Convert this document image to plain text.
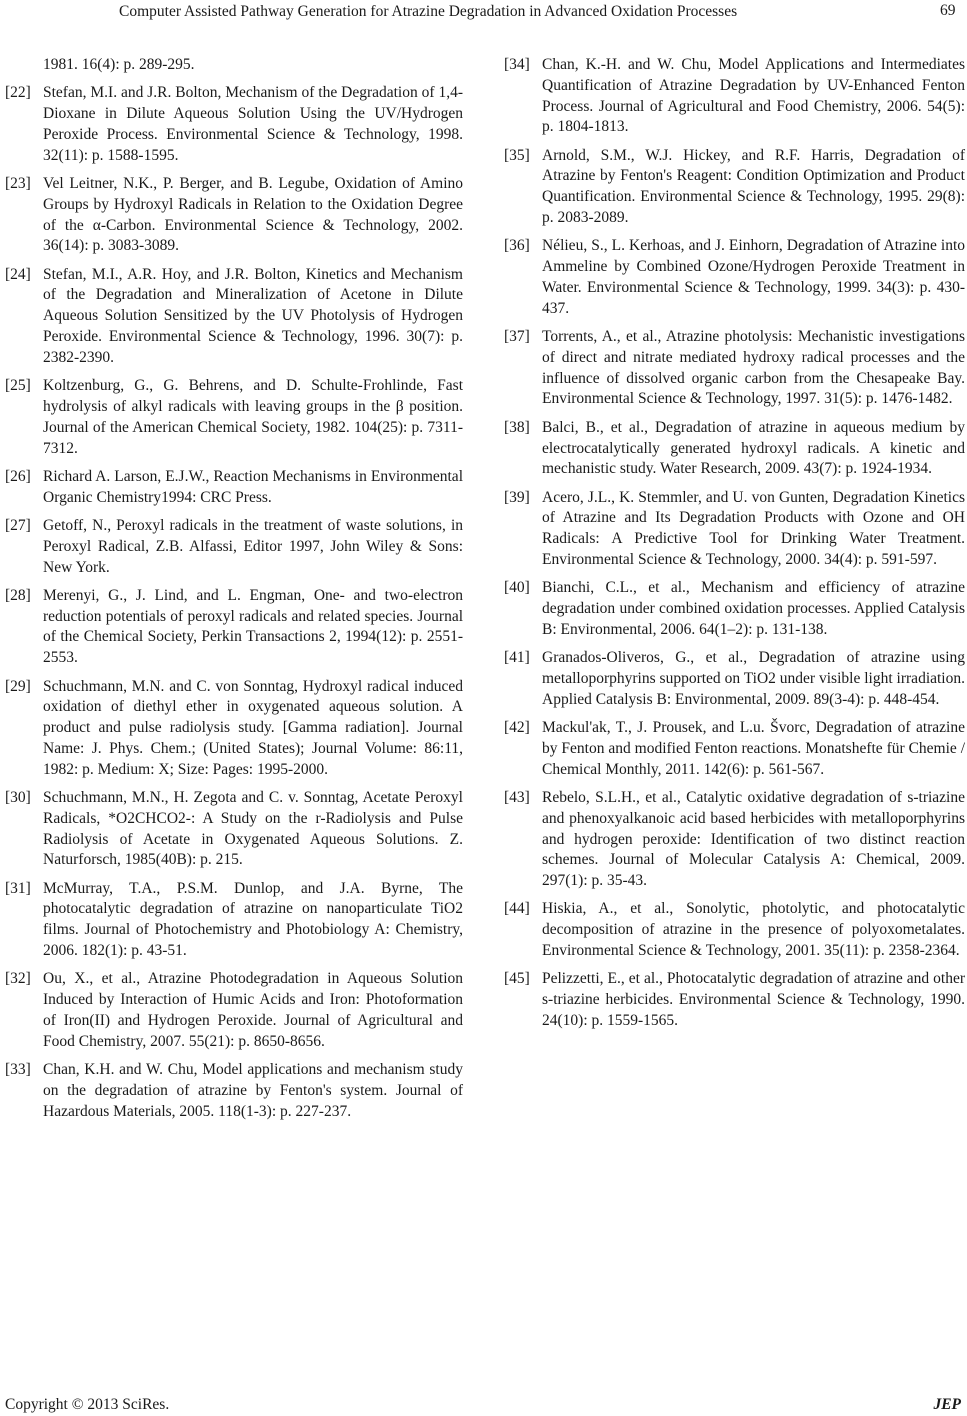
Computer Assisted Pathway Generation for Atrazine Degradation in Advanced Oxidation Processes	69
1981. 16(4): p. 289-295.
[22] Stefan, M.I. and J.R. Bolton, Mechanism of the Degradation of 1,4-Dioxane in Dilute Aqueous Solution Using the UV/Hydrogen Peroxide Process. Environmental Science & Technology, 1998. 32(11): p. 1588-1595.
[23] Vel Leitner, N.K., P. Berger, and B. Legube, Oxidation of Amino Groups by Hydroxyl Radicals in Relation to the Oxidation Degree of the α-Carbon. Environmental Science & Technology, 2002. 36(14): p. 3083-3089.
[24] Stefan, M.I., A.R. Hoy, and J.R. Bolton, Kinetics and Mechanism of the Degradation and Mineralization of Acetone in Dilute Aqueous Solution Sensitized by the UV Photolysis of Hydrogen Peroxide. Environmental Science & Technology, 1996. 30(7): p. 2382-2390.
[25] Koltzenburg, G., G. Behrens, and D. Schulte-Frohlinde, Fast hydrolysis of alkyl radicals with leaving groups in the β position. Journal of the American Chemical Society, 1982. 104(25): p. 7311-7312.
[26] Richard A. Larson, E.J.W., Reaction Mechanisms in Environmental Organic Chemistry1994: CRC Press.
[27] Getoff, N., Peroxyl radicals in the treatment of waste solutions, in Peroxyl Radical, Z.B. Alfassi, Editor 1997, John Wiley & Sons: New York.
[28] Merenyi, G., J. Lind, and L. Engman, One- and two-electron reduction potentials of peroxyl radicals and related species. Journal of the Chemical Society, Perkin Transactions 2, 1994(12): p. 2551-2553.
[29] Schuchmann, M.N. and C. von Sonntag, Hydroxyl radical induced oxidation of diethyl ether in oxygenated aqueous solution. A product and pulse radiolysis study. [Gamma radiation]. Journal Name: J. Phys. Chem.; (United States); Journal Volume: 86:11, 1982: p. Medium: X; Size: Pages: 1995-2000.
[30] Schuchmann, M.N., H. Zegota and C. v. Sonntag, Acetate Peroxyl Radicals, *O2CHCO2-: A Study on the r-Radiolysis and Pulse Radiolysis of Acetate in Oxygenated Aqueous Solutions. Z. Naturforsch, 1985(40B): p. 215.
[31] McMurray, T.A., P.S.M. Dunlop, and J.A. Byrne, The photocatalytic degradation of atrazine on nanoparticulate TiO2 films. Journal of Photochemistry and Photobiology A: Chemistry, 2006. 182(1): p. 43-51.
[32] Ou, X., et al., Atrazine Photodegradation in Aqueous Solution Induced by Interaction of Humic Acids and Iron: Photoformation of Iron(II) and Hydrogen Peroxide. Journal of Agricultural and Food Chemistry, 2007. 55(21): p. 8650-8656.
[33] Chan, K.H. and W. Chu, Model applications and mechanism study on the degradation of atrazine by Fenton's system. Journal of Hazardous Materials, 2005. 118(1-3): p. 227-237.
[34] Chan, K.-H. and W. Chu, Model Applications and Intermediates Quantification of Atrazine Degradation by UV-Enhanced Fenton Process. Journal of Agricultural and Food Chemistry, 2006. 54(5): p. 1804-1813.
[35] Arnold, S.M., W.J. Hickey, and R.F. Harris, Degradation of Atrazine by Fenton's Reagent: Condition Optimization and Product Quantification. Environmental Science & Technology, 1995. 29(8): p. 2083-2089.
[36] Nélieu, S., L. Kerhoas, and J. Einhorn, Degradation of Atrazine into Ammeline by Combined Ozone/Hydrogen Peroxide Treatment in Water. Environmental Science & Technology, 1999. 34(3): p. 430-437.
[37] Torrents, A., et al., Atrazine photolysis: Mechanistic investigations of direct and nitrate mediated hydroxy radical processes and the influence of dissolved organic carbon from the Chesapeake Bay. Environmental Science & Technology, 1997. 31(5): p. 1476-1482.
[38] Balci, B., et al., Degradation of atrazine in aqueous medium by electrocatalytically generated hydroxyl radicals. A kinetic and mechanistic study. Water Research, 2009. 43(7): p. 1924-1934.
[39] Acero, J.L., K. Stemmler, and U. von Gunten, Degradation Kinetics of Atrazine and Its Degradation Products with Ozone and OH Radicals: A Predictive Tool for Drinking Water Treatment. Environmental Science & Technology, 2000. 34(4): p. 591-597.
[40] Bianchi, C.L., et al., Mechanism and efficiency of atrazine degradation under combined oxidation processes. Applied Catalysis B: Environmental, 2006. 64(1–2): p. 131-138.
[41] Granados-Oliveros, G., et al., Degradation of atrazine using metalloporphyrins supported on TiO2 under visible light irradiation. Applied Catalysis B: Environmental, 2009. 89(3-4): p. 448-454.
[42] Mackul'ak, T., J. Prousek, and L.u. Švorc, Degradation of atrazine by Fenton and modified Fenton reactions. Monatshefte für Chemie / Chemical Monthly, 2011. 142(6): p. 561-567.
[43] Rebelo, S.L.H., et al., Catalytic oxidative degradation of s-triazine and phenoxyalkanoic acid based herbicides with metalloporphyrins and hydrogen peroxide: Identification of two distinct reaction schemes. Journal of Molecular Catalysis A: Chemical, 2009. 297(1): p. 35-43.
[44] Hiskia, A., et al., Sonolytic, photolytic, and photocatalytic decomposition of atrazine in the presence of polyoxometalates. Environmental Science & Technology, 2001. 35(11): p. 2358-2364.
[45] Pelizzetti, E., et al., Photocatalytic degradation of atrazine and other s-triazine herbicides. Environmental Science & Technology, 1990. 24(10): p. 1559-1565.
Copyright © 2013 SciRes.	JEP
